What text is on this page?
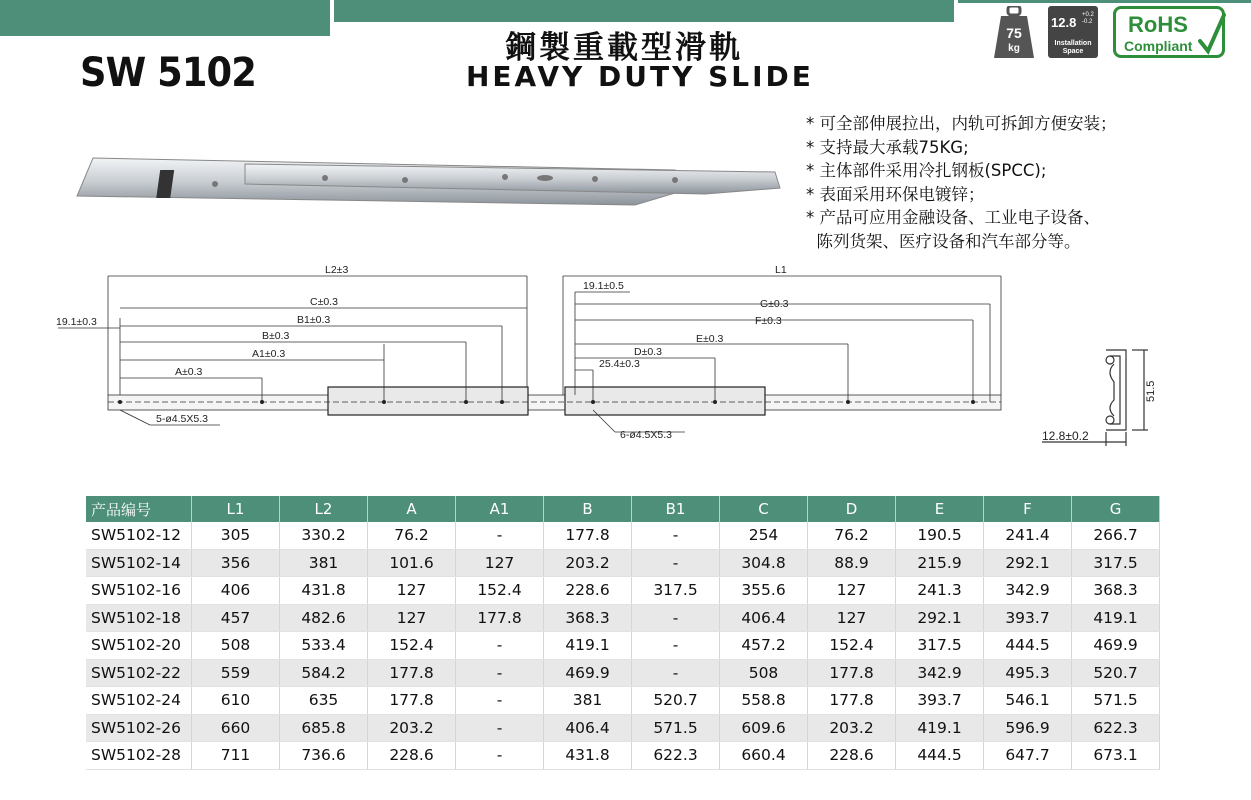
SW 5102
鋼製重載型滑軌
HEAVY DUTY SLIDE
75
kg
12.8 +0.2
-0.2
Installation
Space
RoHS
Compliant
* 可全部伸展拉出，内轨可拆卸方便安装；
* 支持最大承载75KG;
* 主体部件采用冷扎钢板(SPCC);
* 表面采用环保电镀锌；
* 产品可应用金融设备、工业电子设备、
陈列货架、医疗设备和汽车部分等。
L2±3	L1
C±0.3
B1±0.3
B±0.3
A1±0.3
A±0.3
19.1±0.3
19.1±0.5
G±0.3
F±0.3
E±0.3
D±0.3
25.4±0.3
5-ø4.5X5.3
6-ø4.5X5.3
51.5
12.8±0.2
产品编号	L1	L2	A	A1	B	B1	C	D	E	F	G
SW5102-12	305	330.2	76.2	-	177.8	-	254	76.2	190.5	241.4	266.7
SW5102-14	356	381	101.6	127	203.2	-	304.8	88.9	215.9	292.1	317.5
SW5102-16	406	431.8	127	152.4	228.6	317.5	355.6	127	241.3	342.9	368.3
SW5102-18	457	482.6	127	177.8	368.3	-	406.4	127	292.1	393.7	419.1
SW5102-20	508	533.4	152.4	-	419.1	-	457.2	152.4	317.5	444.5	469.9
SW5102-22	559	584.2	177.8	-	469.9	-	508	177.8	342.9	495.3	520.7
SW5102-24	610	635	177.8	-	381	520.7	558.8	177.8	393.7	546.1	571.5
SW5102-26	660	685.8	203.2	-	406.4	571.5	609.6	203.2	419.1	596.9	622.3
SW5102-28	711	736.6	228.6	-	431.8	622.3	660.4	228.6	444.5	647.7	673.1
